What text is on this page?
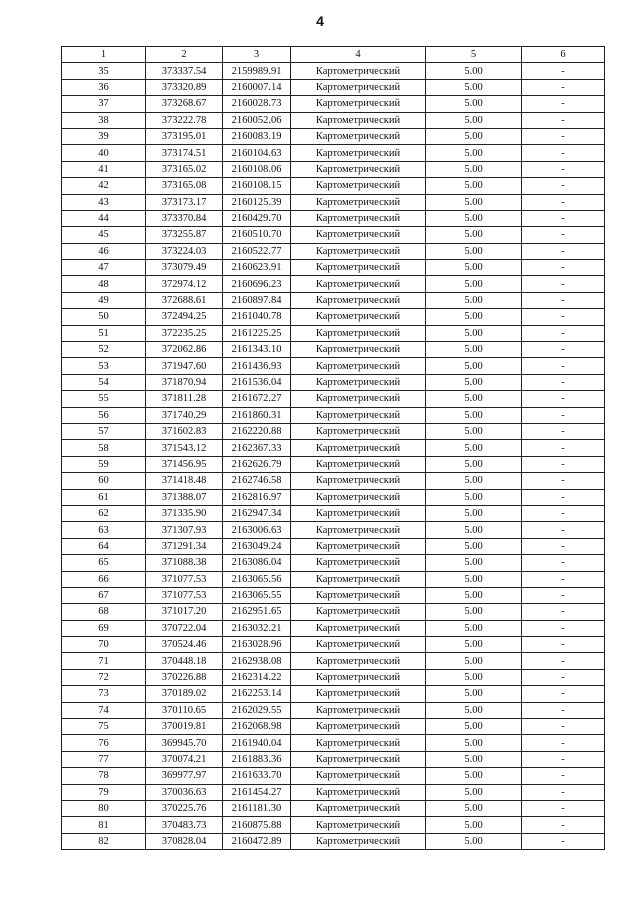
4
1	2	3	4	5	6
35	373337.54	2159989.91	Картометрический	5.00	-
36	373320.89	2160007.14	Картометрический	5.00	-
37	373268.67	2160028.73	Картометрический	5.00	-
38	373222.78	2160052.06	Картометрический	5.00	-
39	373195.01	2160083.19	Картометрический	5.00	-
40	373174.51	2160104.63	Картометрический	5.00	-
41	373165.02	2160108.06	Картометрический	5.00	-
42	373165.08	2160108.15	Картометрический	5.00	-
43	373173.17	2160125.39	Картометрический	5.00	-
44	373370.84	2160429.70	Картометрический	5.00	-
45	373255.87	2160510.70	Картометрический	5.00	-
46	373224.03	2160522.77	Картометрический	5.00	-
47	373079.49	2160623.91	Картометрический	5.00	-
48	372974.12	2160696.23	Картометрический	5.00	-
49	372688.61	2160897.84	Картометрический	5.00	-
50	372494.25	2161040.78	Картометрический	5.00	-
51	372235.25	2161225.25	Картометрический	5.00	-
52	372062.86	2161343.10	Картометрический	5.00	-
53	371947.60	2161436.93	Картометрический	5.00	-
54	371870.94	2161536.04	Картометрический	5.00	-
55	371811.28	2161672.27	Картометрический	5.00	-
56	371740.29	2161860.31	Картометрический	5.00	-
57	371602.83	2162220.88	Картометрический	5.00	-
58	371543.12	2162367.33	Картометрический	5.00	-
59	371456.95	2162626.79	Картометрический	5.00	-
60	371418.48	2162746.58	Картометрический	5.00	-
61	371388.07	2162816.97	Картометрический	5.00	-
62	371335.90	2162947.34	Картометрический	5.00	-
63	371307.93	2163006.63	Картометрический	5.00	-
64	371291.34	2163049.24	Картометрический	5.00	-
65	371088.38	2163086.04	Картометрический	5.00	-
66	371077.53	2163065.56	Картометрический	5.00	-
67	371077.53	2163065.55	Картометрический	5.00	-
68	371017.20	2162951.65	Картометрический	5.00	-
69	370722.04	2163032.21	Картометрический	5.00	-
70	370524.46	2163028.96	Картометрический	5.00	-
71	370448.18	2162938.08	Картометрический	5.00	-
72	370226.88	2162314.22	Картометрический	5.00	-
73	370189.02	2162253.14	Картометрический	5.00	-
74	370110.65	2162029.55	Картометрический	5.00	-
75	370019.81	2162068.98	Картометрический	5.00	-
76	369945.70	2161940.04	Картометрический	5.00	-
77	370074.21	2161883.36	Картометрический	5.00	-
78	369977.97	2161633.70	Картометрический	5.00	-
79	370036.63	2161454.27	Картометрический	5.00	-
80	370225.76	2161181.30	Картометрический	5.00	-
81	370483.73	2160875.88	Картометрический	5.00	-
82	370828.04	2160472.89	Картометрический	5.00	-
